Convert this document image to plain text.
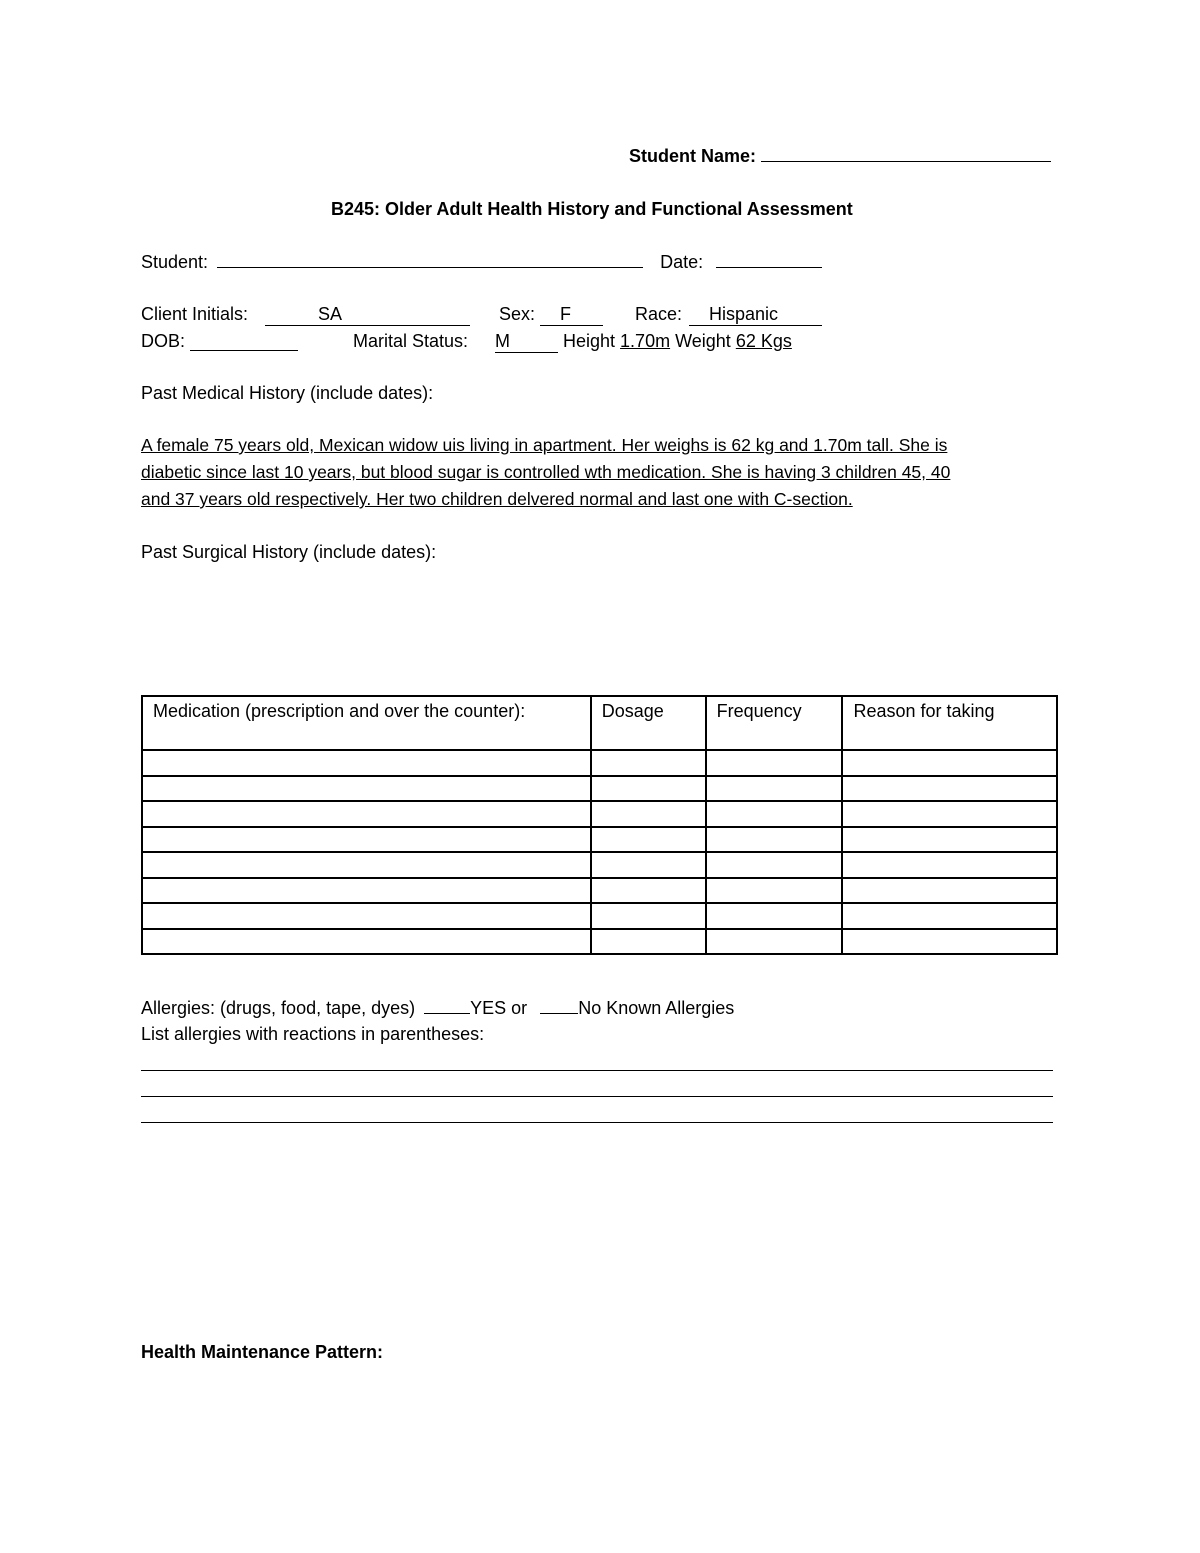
Student Name:
B245: Older Adult Health History and Functional Assessment
Student:	Date:
Client Initials:	SA	Sex:	F	Race:	Hispanic
DOB:	Marital Status: M	Height 1.70m Weight 62 Kgs
Past Medical History (include dates):
A female 75 years old, Mexican widow uis living in apartment. Her weighs is 62 kg and 1.70m tall. She is
diabetic since last 10 years, but blood sugar is controlled wth medication. She is having 3 children 45, 40
and 37 years old respectively. Her two children delvered normal and last one with C-section.
Past Surgical History (include dates):
Medication (prescription and over the counter):	Dosage	Frequency	Reason for taking

Allergies: (drugs, food, tape, dyes)	YES or	No Known Allergies
List allergies with reactions in parentheses:
Health Maintenance Pattern:
